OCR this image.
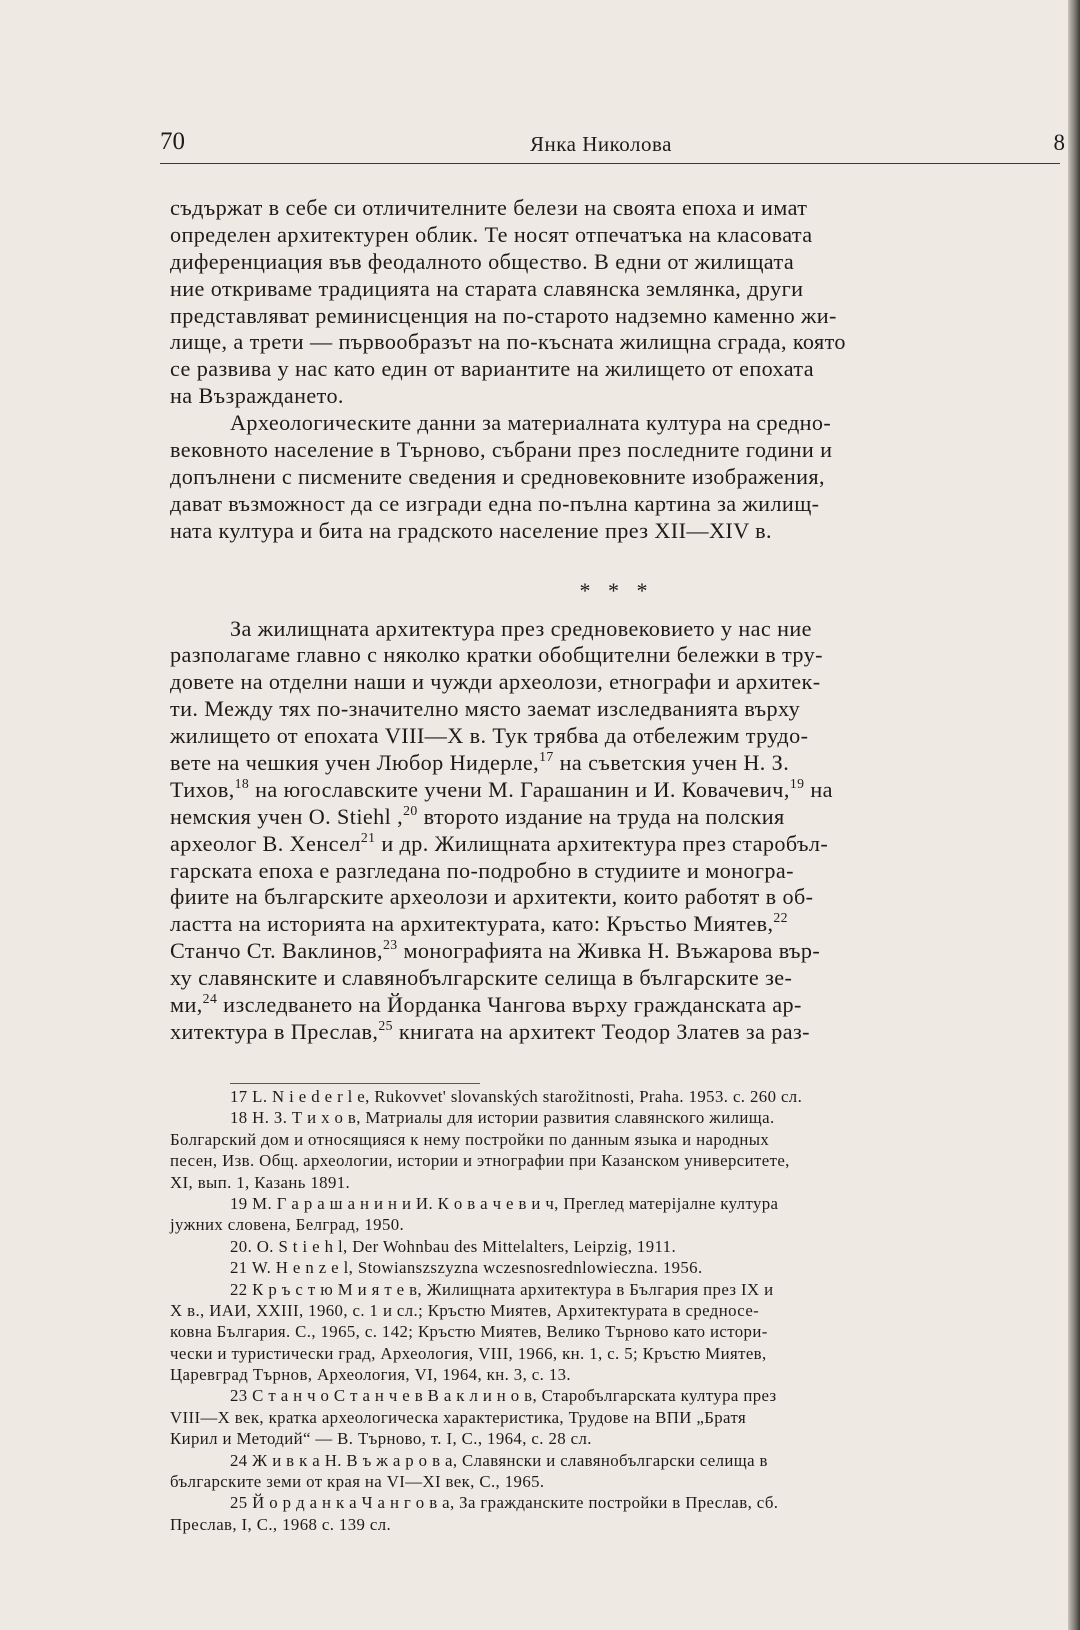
70	Янка Николова	8
съдържат в себе си отличителните белези на своята епоха и имат
определен архитектурен облик. Те носят отпечатъка на класовата
диференциация във феодалното общество. В едни от жилищата
ние откриваме традицията на старата славянска землянка, други
представляват реминисценция на по-старото надземно каменно жи-
лище, а трети — първообразът на по-късната жилищна сграда, която
се развива у нас като един от вариантите на жилището от епохата
на Възраждането.
Археологическите данни за материалната култура на средно-
вековното население в Търново, събрани през последните години и
допълнени с писмените сведения и средновековните изображения,
дават възможност да се изгради една по-пълна картина за жилищ-
ната култура и бита на градското население през XII—XIV в.
* * *
За жилищната архитектура през средновековието у нас ние
разполагаме главно с няколко кратки обобщителни бележки в тру-
довете на отделни наши и чужди археолози, етнографи и архитек-
ти. Между тях по-значително място заемат изследванията върху
жилището от епохата VIII—X в. Тук трябва да отбележим трудо-
вете на чешкия учен Любор Нидерле,$^{17}$ на съветския учен Н. З.
Тихов,$^{18}$ на югославските учени М. Гарашанин и И. Ковачевич,$^{19}$ на
немския учен О. Stiehl ,$^{20}$ второто издание на труда на полския
археолог В. Хенсел$^{21}$ и др. Жилищната архитектура през старобъл-
гарската епоха е разгледана по-подробно в студиите и моногра-
фиите на българските археолози и архитекти, които работят в об-
ластта на историята на архитектурата, като: Кръстьо Миятев,$^{22}$
Станчо Ст. Ваклинов,$^{23}$ монографията на Живка Н. Въжарова вър-
ху славянските и славянобългарските селища в българските зе-
ми,$^{24}$ изследването на Йорданка Чангова върху гражданската ар-
хитектура в Преслав,$^{25}$ книгата на архитект Теодор Златев за раз-
17 L. N i e d e r l e, Rukovvet' slovanských starožitnosti, Praha. 1953. c. 260 сл.
18 Н. З. Т и х о в, Матриалы для истории развития славянского жилища.
Болгарский дом и относящияся к нему постройки по данным языка и народных
песен, Изв. Общ. археологии, истории и этнографии при Казанском университете,
XI, вып. 1, Казань 1891.
19 М. Г а р а ш а н и н и И. К о в а ч е в и ч, Преглед матерiјалне култура
јужних словена, Белград, 1950.
20. O. S t i e h l, Der Wohnbau des Mittelalters, Leipzig, 1911.
21 W. H e n z e l, Stowianszszyzna wczesnosrednlowieczna. 1956.
22 К р ъ с т ю М и я т е в, Жилищната архитектура в България през IX и
X в., ИАИ, XXIII, 1960, с. 1 и сл.; Кръстю Миятев, Архитектурата в средносе-
ковна България. С., 1965, с. 142; Кръстю Миятев, Велико Търново като истори-
чески и туристически град, Археология, VIII, 1966, кн. 1, с. 5; Кръстю Миятев,
Царевград Търнов, Археология, VI, 1964, кн. 3, с. 13.
23 С т а н ч о С т а н ч е в В а к л и н о в, Старобългарската култура през
VIII—X век, кратка археологическа характеристика, Трудове на ВПИ „Братя
Кирил и Методий“ — В. Търново, т. I, С., 1964, с. 28 сл.
24 Ж и в к а Н. В ъ ж а р о в а, Славянски и славянобългарски селища в
българските земи от края на VI—XI век, С., 1965.
25 Й о р д а н к а Ч а н г о в а, За гражданските постройки в Преслав, сб.
Преслав, I, С., 1968 с. 139 сл.
